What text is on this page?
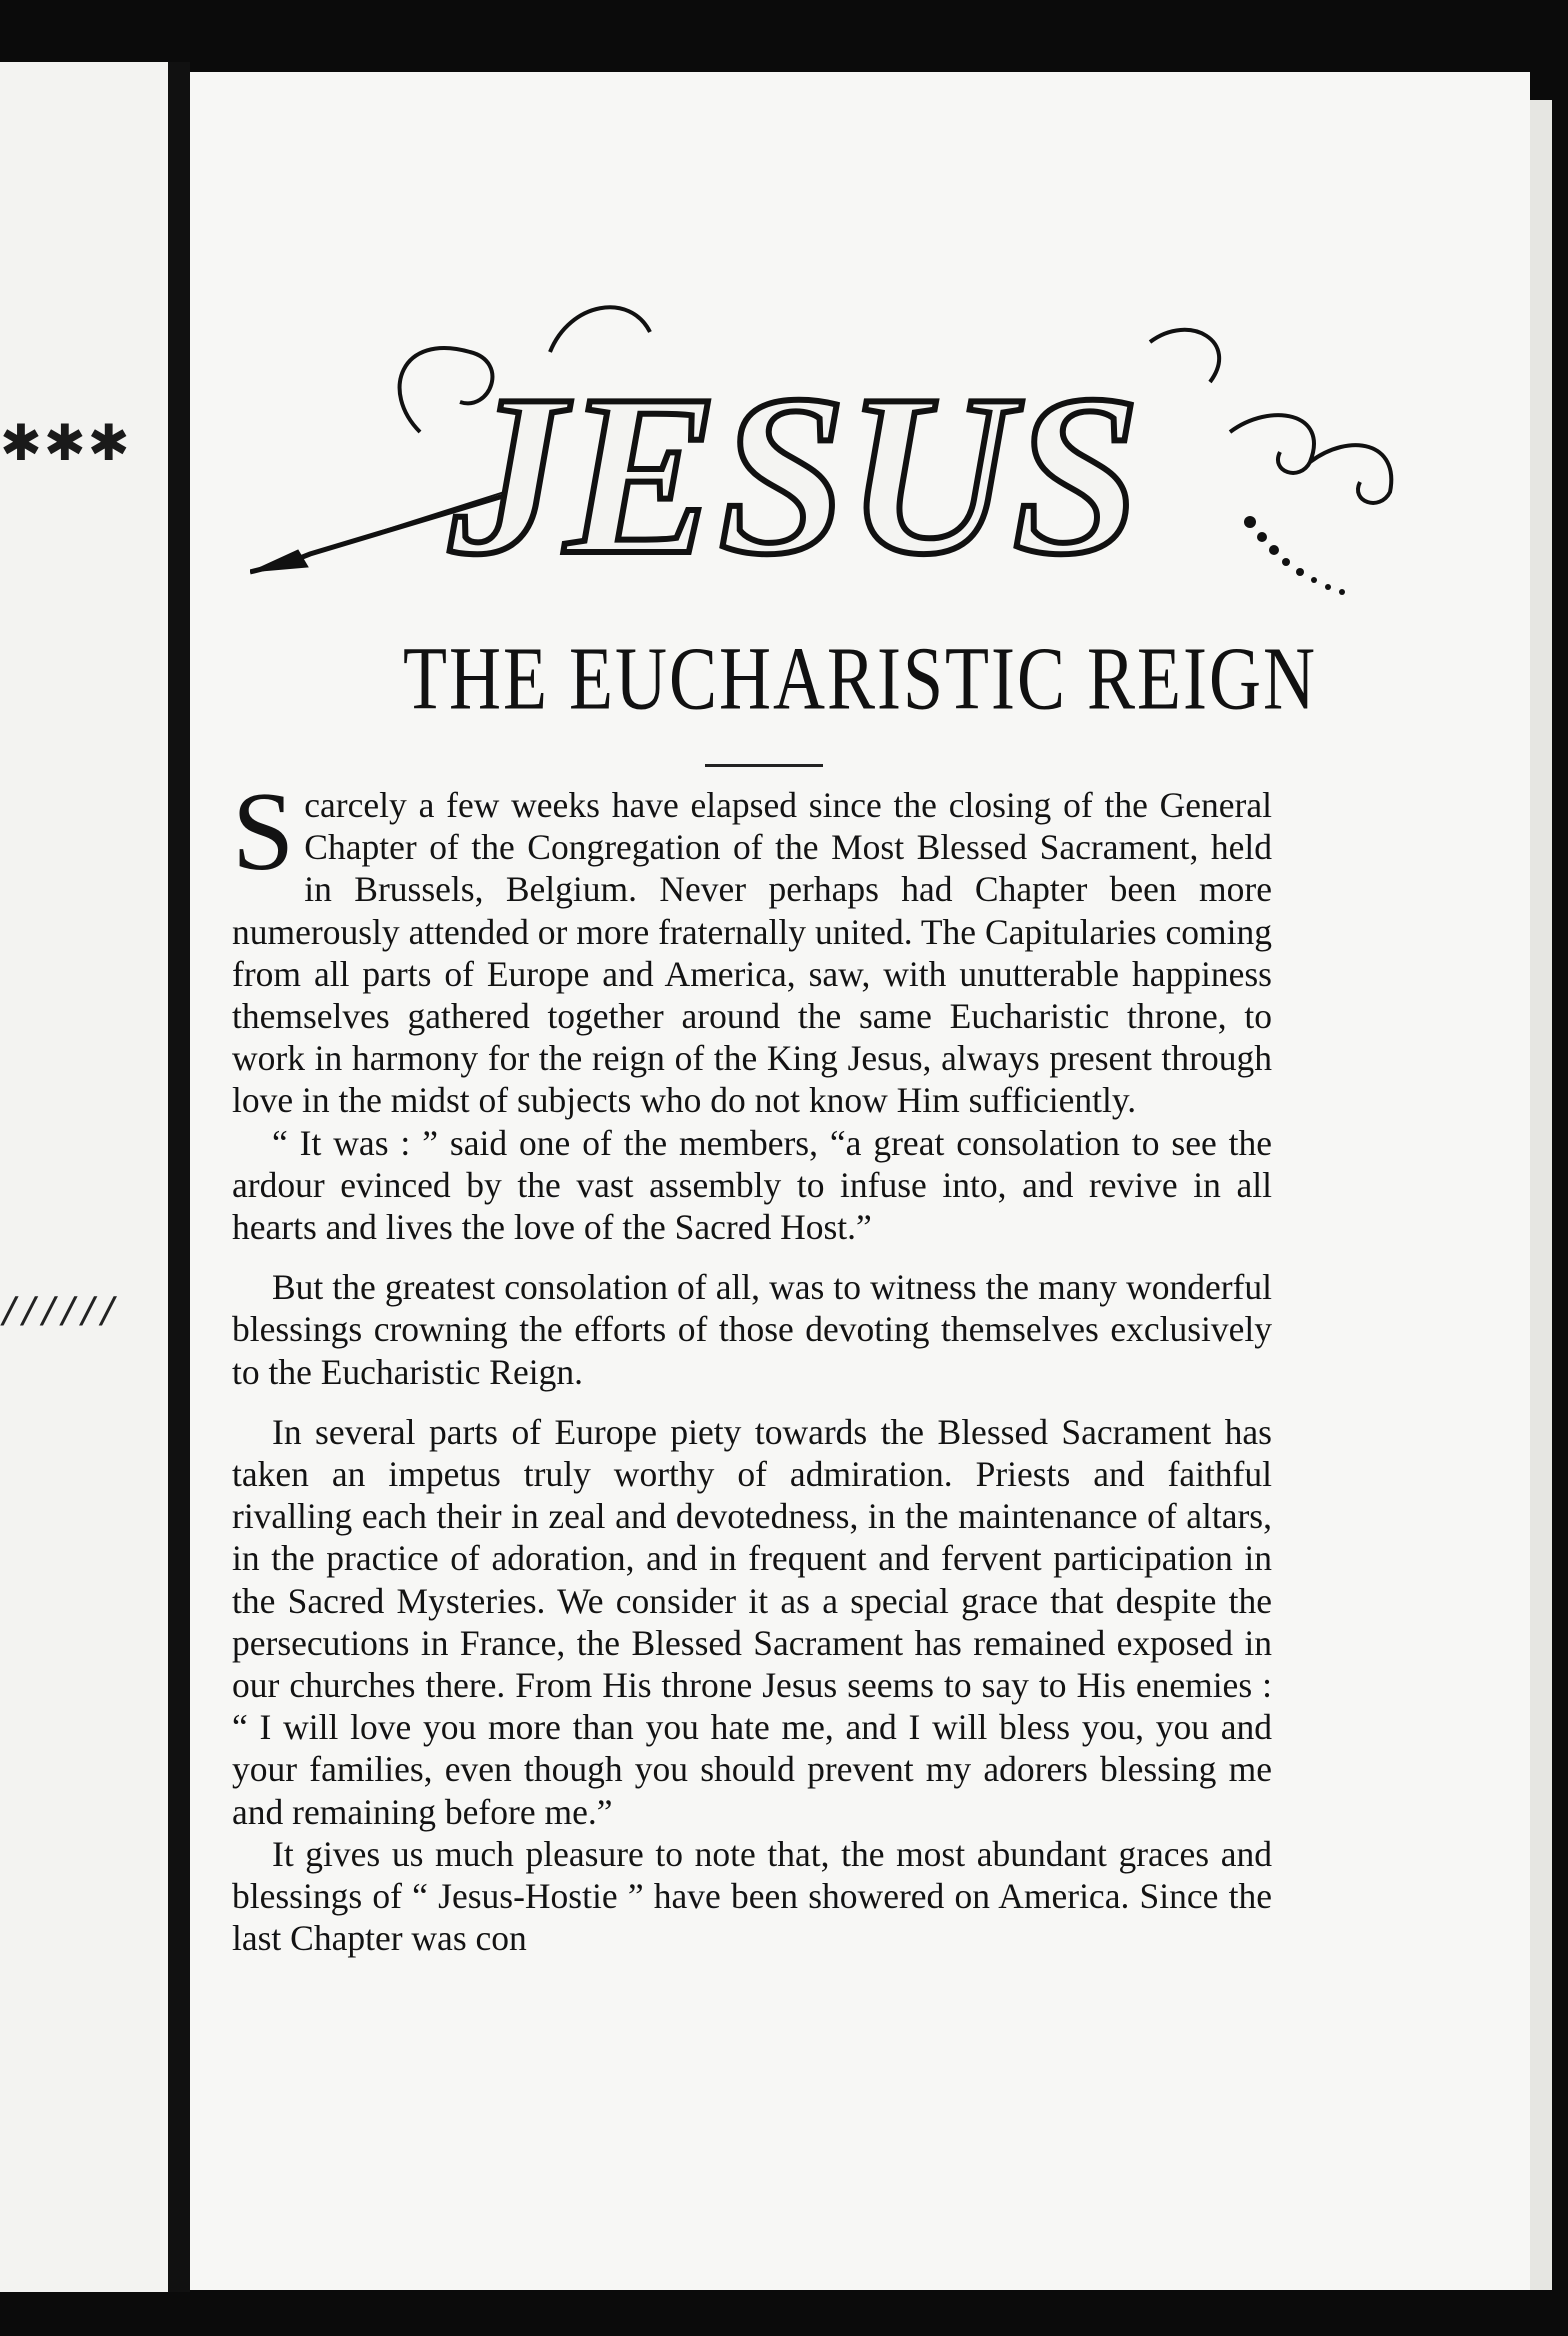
✱✱✱
//////
JESUS
THE EUCHARISTIC REIGN

Scarcely a few weeks have elapsed since the closing of the General Chapter of the Congregation of the Most Blessed Sacrament, held in Brussels, Belgium. Never perhaps had Chapter been more numerously attended or more fraternally united. The Capitularies coming from all parts of Europe and America, saw, with unutterable happiness themselves gathered together around the same Eucharistic throne, to work in harmony for the reign of the King Jesus, always present through love in the midst of subjects who do not know Him sufficiently.

“ It was : ” said one of the members, “a great consolation to see the ardour evinced by the vast assembly to infuse into, and revive in all hearts and lives the love of the Sacred Host.”

But the greatest consolation of all, was to witness the many wonderful blessings crowning the efforts of those devoting themselves exclusively to the Eucharistic Reign.

In several parts of Europe piety towards the Blessed Sacrament has taken an impetus truly worthy of admiration. Priests and faithful rivalling each their in zeal and devotedness, in the maintenance of altars, in the practice of adoration, and in frequent and fervent participation in the Sacred Mysteries. We consider it as a special grace that despite the persecutions in France, the Blessed Sacrament has remained exposed in our churches there. From His throne Jesus seems to say to His enemies : “ I will love you more than you hate me, and I will bless you, you and your families, even though you should prevent my adorers blessing me and remaining before me.”

It gives us much pleasure to note that, the most abundant graces and blessings of “ Jesus-Hostie ” have been showered on America. Since the last Chapter was con
